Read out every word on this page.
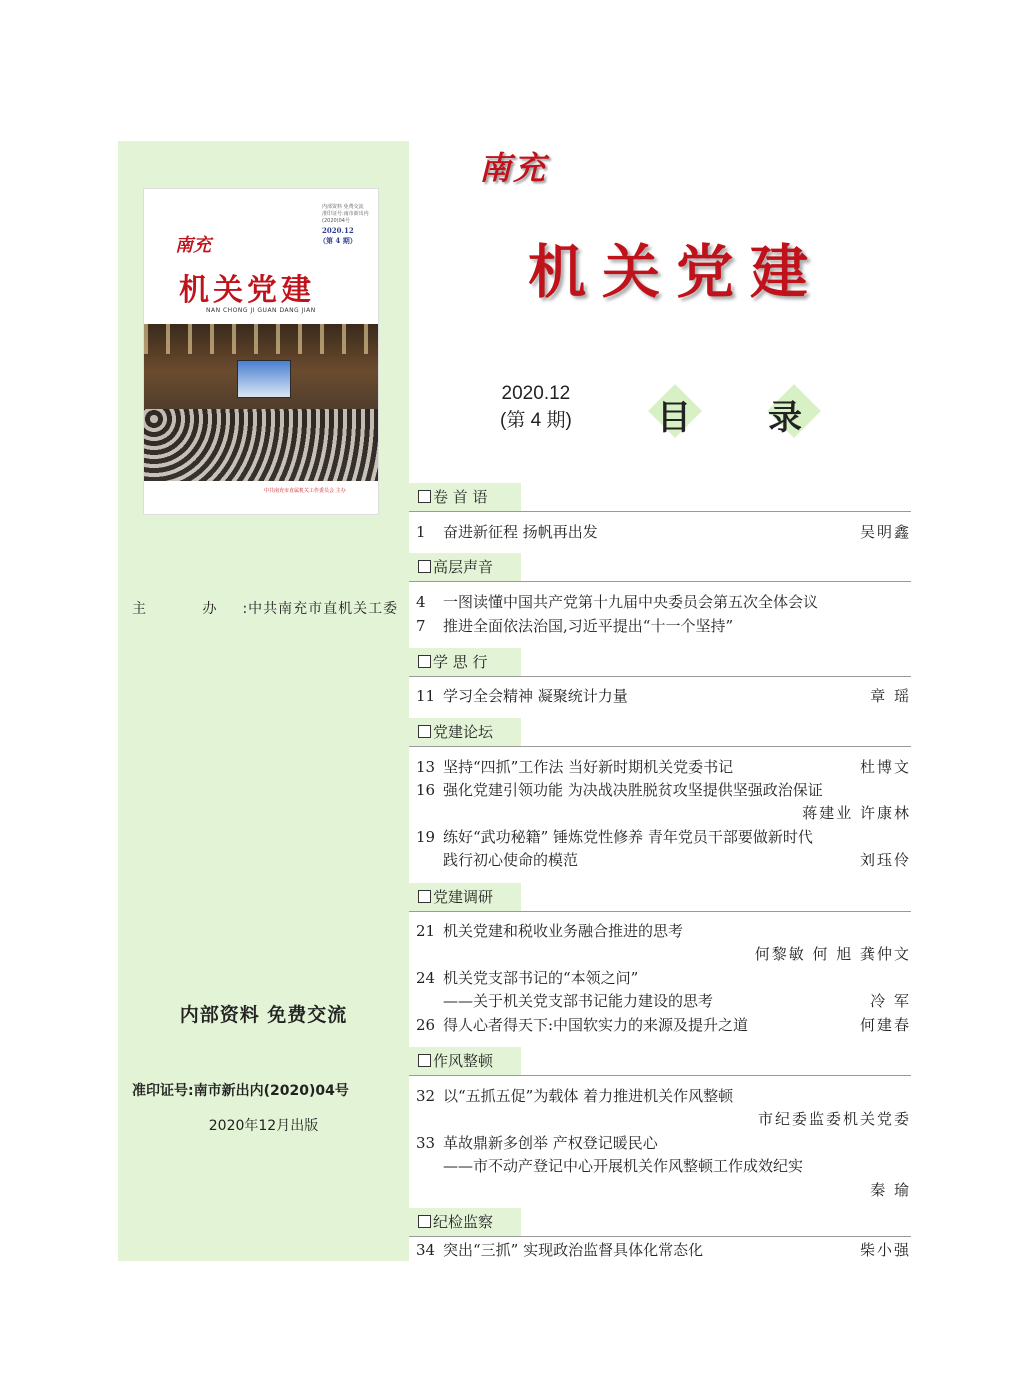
内部资料 免费交流
准印证号:南市新出内(2020)04号
2020.12
（第 4 期）
南充
机关党建
NAN CHONG JI GUAN DANG JIAN
中共南充市直属机关工作委员会 主办
主 办:中共南充市直机关工委
内部资料 免费交流
准印证号:南市新出内(2020)04号
2020年12月出版
南充
机关党建
2020.12
(第 4 期)	目 录
卷 首 语
高层声音
学 思 行
党建论坛
党建调研
作风整顿
纪检监察
1 奋进新征程 扬帆再出发	吴明鑫
4 一图读懂中国共产党第十九届中央委员会第五次全体会议
7 推进全面依法治国,习近平提出“十一个坚持”
11 学习全会精神 凝聚统计力量	章 瑶
13 坚持“四抓”工作法 当好新时期机关党委书记	杜博文
16 强化党建引领功能 为决战决胜脱贫攻坚提供坚强政治保证
蒋建业 许康林
19 练好“武功秘籍” 锤炼党性修养 青年党员干部要做新时代
践行初心使命的模范	刘珏伶
21 机关党建和税收业务融合推进的思考
何黎敏 何 旭 龚仲文
24 机关党支部书记的“本领之问”
——关于机关党支部书记能力建设的思考	冷 军
26 得人心者得天下:中国软实力的来源及提升之道	何建春
32 以“五抓五促”为载体 着力推进机关作风整顿
市纪委监委机关党委
33 革故鼎新多创举 产权登记暖民心
——市不动产登记中心开展机关作风整顿工作成效纪实
秦 瑜
34 突出“三抓” 实现政治监督具体化常态化	柴小强
